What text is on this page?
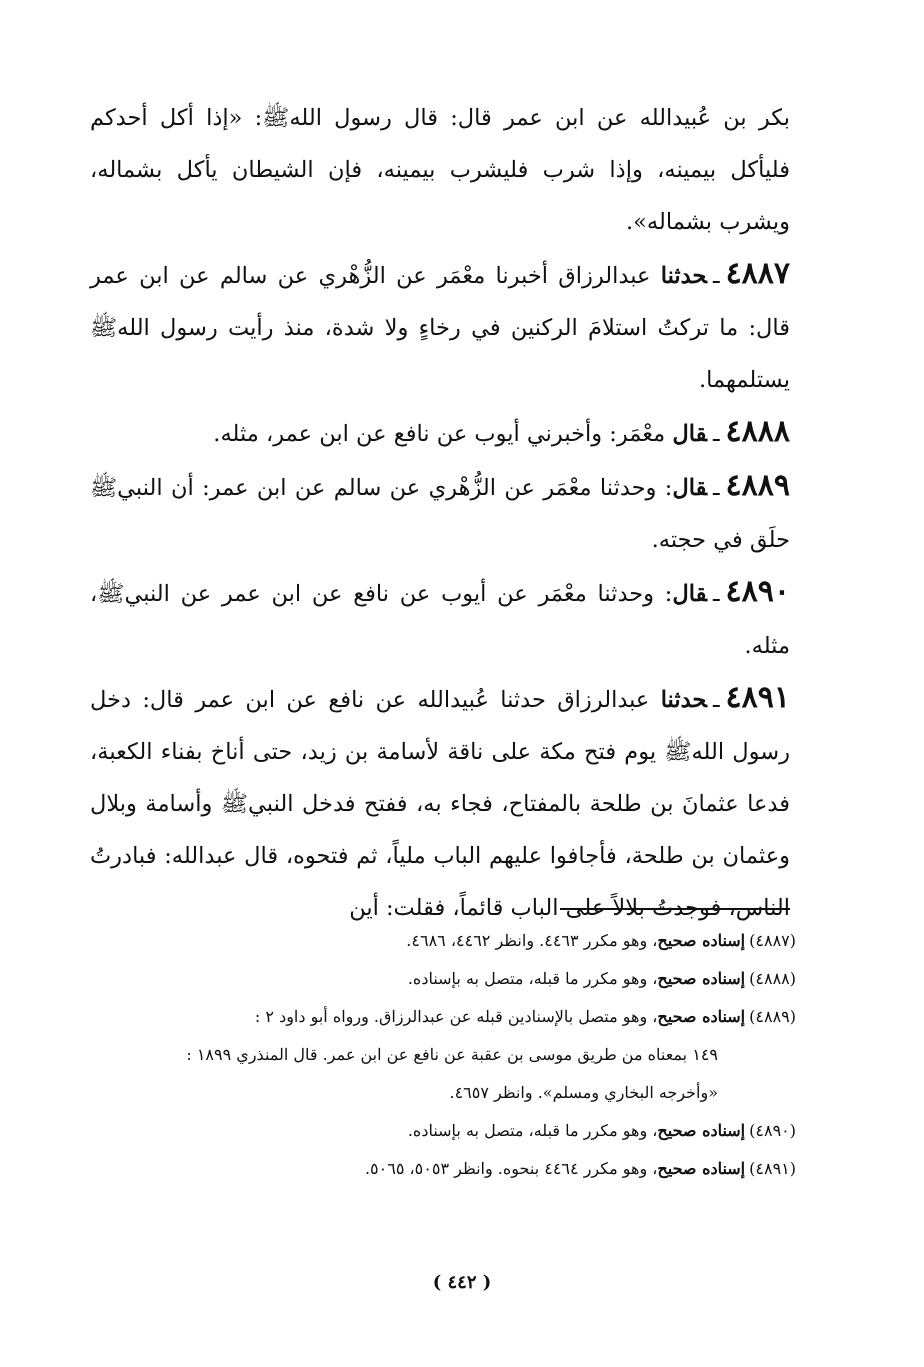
بكر بن عُبيدالله عن ابن عمر قال: قال رسول اللهﷺ: «إذا أكل أحدكم فليأكل بيمينه، وإذا شرب فليشرب بيمينه، فإن الشيطان يأكل بشماله، ويشرب بشماله».

٤٨٨٧ـحدثنا عبدالرزاق أخبرنا معْمَر عن الزُّهْري عن سالم عن ابن عمر قال: ما تركتُ استلامَ الركنين في رخاءٍ ولا شدة، منذ رأيت رسول اللهﷺ يستلمهما.

٤٨٨٨ـقال معْمَر: وأخبرني أيوب عن نافع عن ابن عمر، مثله.

٤٨٨٩ـقال: وحدثنا معْمَر عن الزُّهْري عن سالم عن ابن عمر: أن النبيﷺ حلَق في حجته.

٤٨٩٠ـقال: وحدثنا معْمَر عن أيوب عن نافع عن ابن عمر عن النبيﷺ، مثله.

٤٨٩١ـحدثنا عبدالرزاق حدثنا عُبيدالله عن نافع عن ابن عمر قال: دخل رسول اللهﷺ يوم فتح مكة على ناقة لأسامة بن زيد، حتى أناخ بفناء الكعبة، فدعا عثمانَ بن طلحة بالمفتاح، فجاء به، ففتح فدخل النبيﷺ وأسامة وبلال وعثمان بن طلحة، فأجافوا عليهم الباب ملياً، ثم فتحوه، قال عبدالله: فبادرتُ الناس، فوجدتُ بلالاً على الباب قائماً، فقلت: أين

(٤٨٨٧)إسناده صحيح، وهو مكرر ٤٤٦٣. وانظر ٤٤٦٢، ٤٦٨٦.

(٤٨٨٨)إسناده صحيح، وهو مكرر ما قبله، متصل به بإسناده.

(٤٨٨٩)إسناده صحيح، وهو متصل بالإسنادين قبله عن عبدالرزاق. ورواه أبو داود ٢ :
١٤٩ بمعناه من طريق موسى بن عقبة عن نافع عن ابن عمر. قال المنذري ١٨٩٩ :
«وأخرجه البخاري ومسلم». وانظر ٤٦٥٧.

(٤٨٩٠)إسناده صحيح، وهو مكرر ما قبله، متصل به بإسناده.

(٤٨٩١)إسناده صحيح، وهو مكرر ٤٤٦٤ بنحوه. وانظر ٥٠٥٣، ٥٠٦٥.

( ٤٤٢ )
